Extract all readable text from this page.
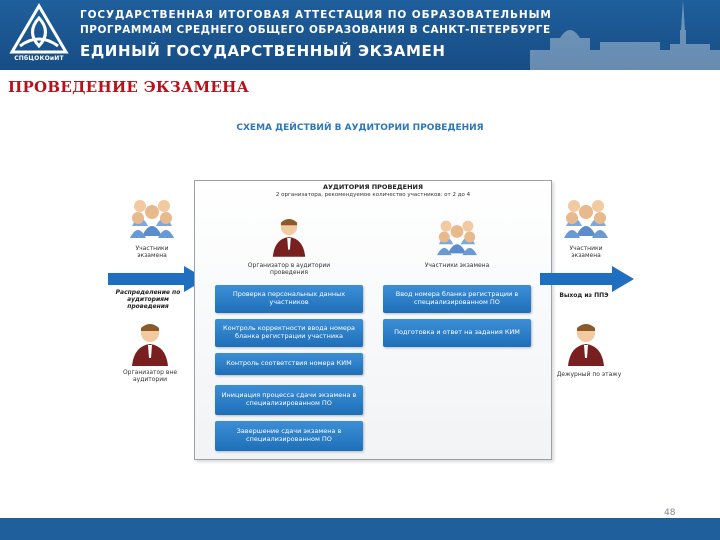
СПбЦОКОиИТ
ГОСУДАРСТВЕННАЯ ИТОГОВАЯ АТТЕСТАЦИЯ ПО ОБРАЗОВАТЕЛЬНЫМ
ПРОГРАММАМ СРЕДНЕГО ОБЩЕГО ОБРАЗОВАНИЯ В САНКТ-ПЕТЕРБУРГЕ
ЕДИНЫЙ ГОСУДАРСТВЕННЫЙ ЭКЗАМЕН
ПРОВЕДЕНИЕ ЭКЗАМЕНА
СХЕМА ДЕЙСТВИЙ В АУДИТОРИИ ПРОВЕДЕНИЯ
Участники экзамена
Распределение по аудиториям проведения
Организатор вне аудитории
АУДИТОРИЯ ПРОВЕДЕНИЯ
2 организатора, рекомендуемое количество участников: от 2 до 4
Организатор в аудитории проведения
Участники экзамена
Проверка персональных данных участников
Контроль корректности ввода номера бланка регистрации участника
Контроль соответствия номера КИМ
Инициация процесса сдачи экзамена в специализированном ПО
Завершение сдачи экзамена в специализированном ПО
Ввод номера бланка регистрации в специализированном ПО
Подготовка и ответ на задания КИМ
Участники экзамена
Выход из ППЭ
Дежурный по этажу
48
